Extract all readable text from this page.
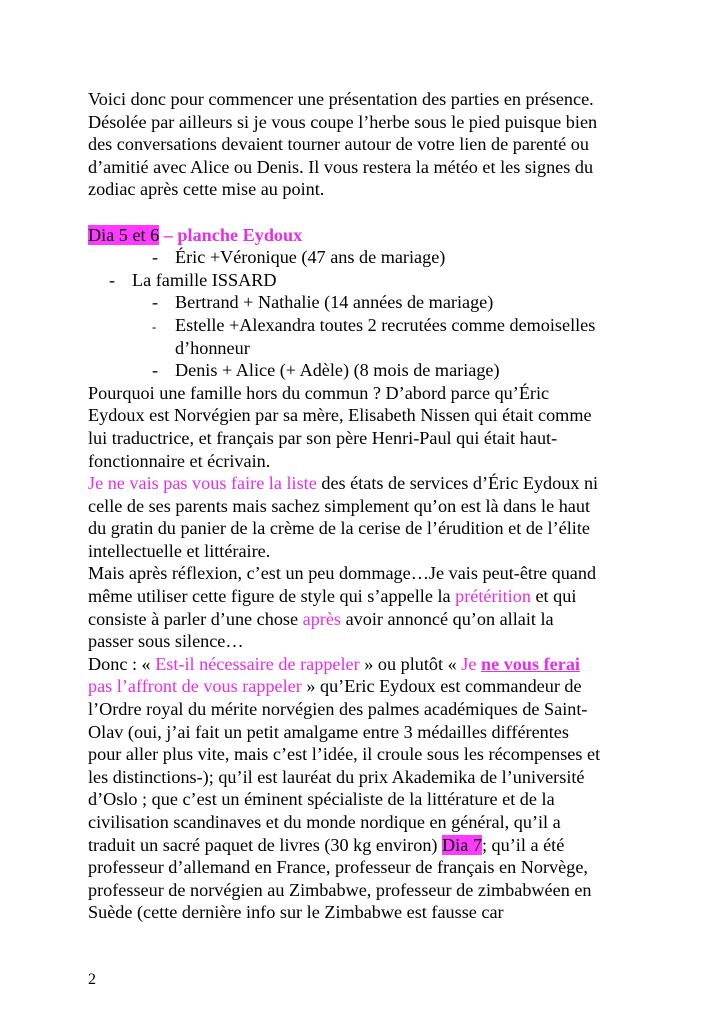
Voici donc pour commencer une présentation des parties en présence.
Désolée par ailleurs si je vous coupe l’herbe sous le pied puisque bien
des conversations devaient tourner autour de votre lien de parenté ou
d’amitié avec Alice ou Denis. Il vous restera la météo et les signes du
zodiac après cette mise au point.
Dia 5 et 6 – planche Eydoux
- Éric +Véronique (47 ans de mariage)
- La famille ISSARD
- Bertrand + Nathalie (14 années de mariage)
- Estelle +Alexandra toutes 2 recrutées comme demoiselles
d’honneur
- Denis + Alice (+ Adèle) (8 mois de mariage)
Pourquoi une famille hors du commun ? D’abord parce qu’Éric
Eydoux est Norvégien par sa mère, Elisabeth Nissen qui était comme
lui traductrice, et français par son père Henri-Paul qui était haut-
fonctionnaire et écrivain.
Je ne vais pas vous faire la liste des états de services d’Éric Eydoux ni
celle de ses parents mais sachez simplement qu’on est là dans le haut
du gratin du panier de la crème de la cerise de l’érudition et de l’élite
intellectuelle et littéraire.
Mais après réflexion, c’est un peu dommage…Je vais peut-être quand
même utiliser cette figure de style qui s’appelle la prétérition et qui
consiste à parler d’une chose après avoir annoncé qu’on allait la
passer sous silence…
Donc : « Est-il nécessaire de rappeler » ou plutôt « Je ne vous ferai
pas l’affront de vous rappeler » qu’Eric Eydoux est commandeur de
l’Ordre royal du mérite norvégien des palmes académiques de Saint-
Olav (oui, j’ai fait un petit amalgame entre 3 médailles différentes
pour aller plus vite, mais c’est l’idée, il croule sous les récompenses et
les distinctions-); qu’il est lauréat du prix Akademika de l’université
d’Oslo ; que c’est un éminent spécialiste de la littérature et de la
civilisation scandinaves et du monde nordique en général, qu’il a
traduit un sacré paquet de livres (30 kg environ) Dia 7; qu’il a été
professeur d’allemand en France, professeur de français en Norvège,
professeur de norvégien au Zimbabwe, professeur de zimbabwéen en
Suède (cette dernière info sur le Zimbabwe est fausse car
2
